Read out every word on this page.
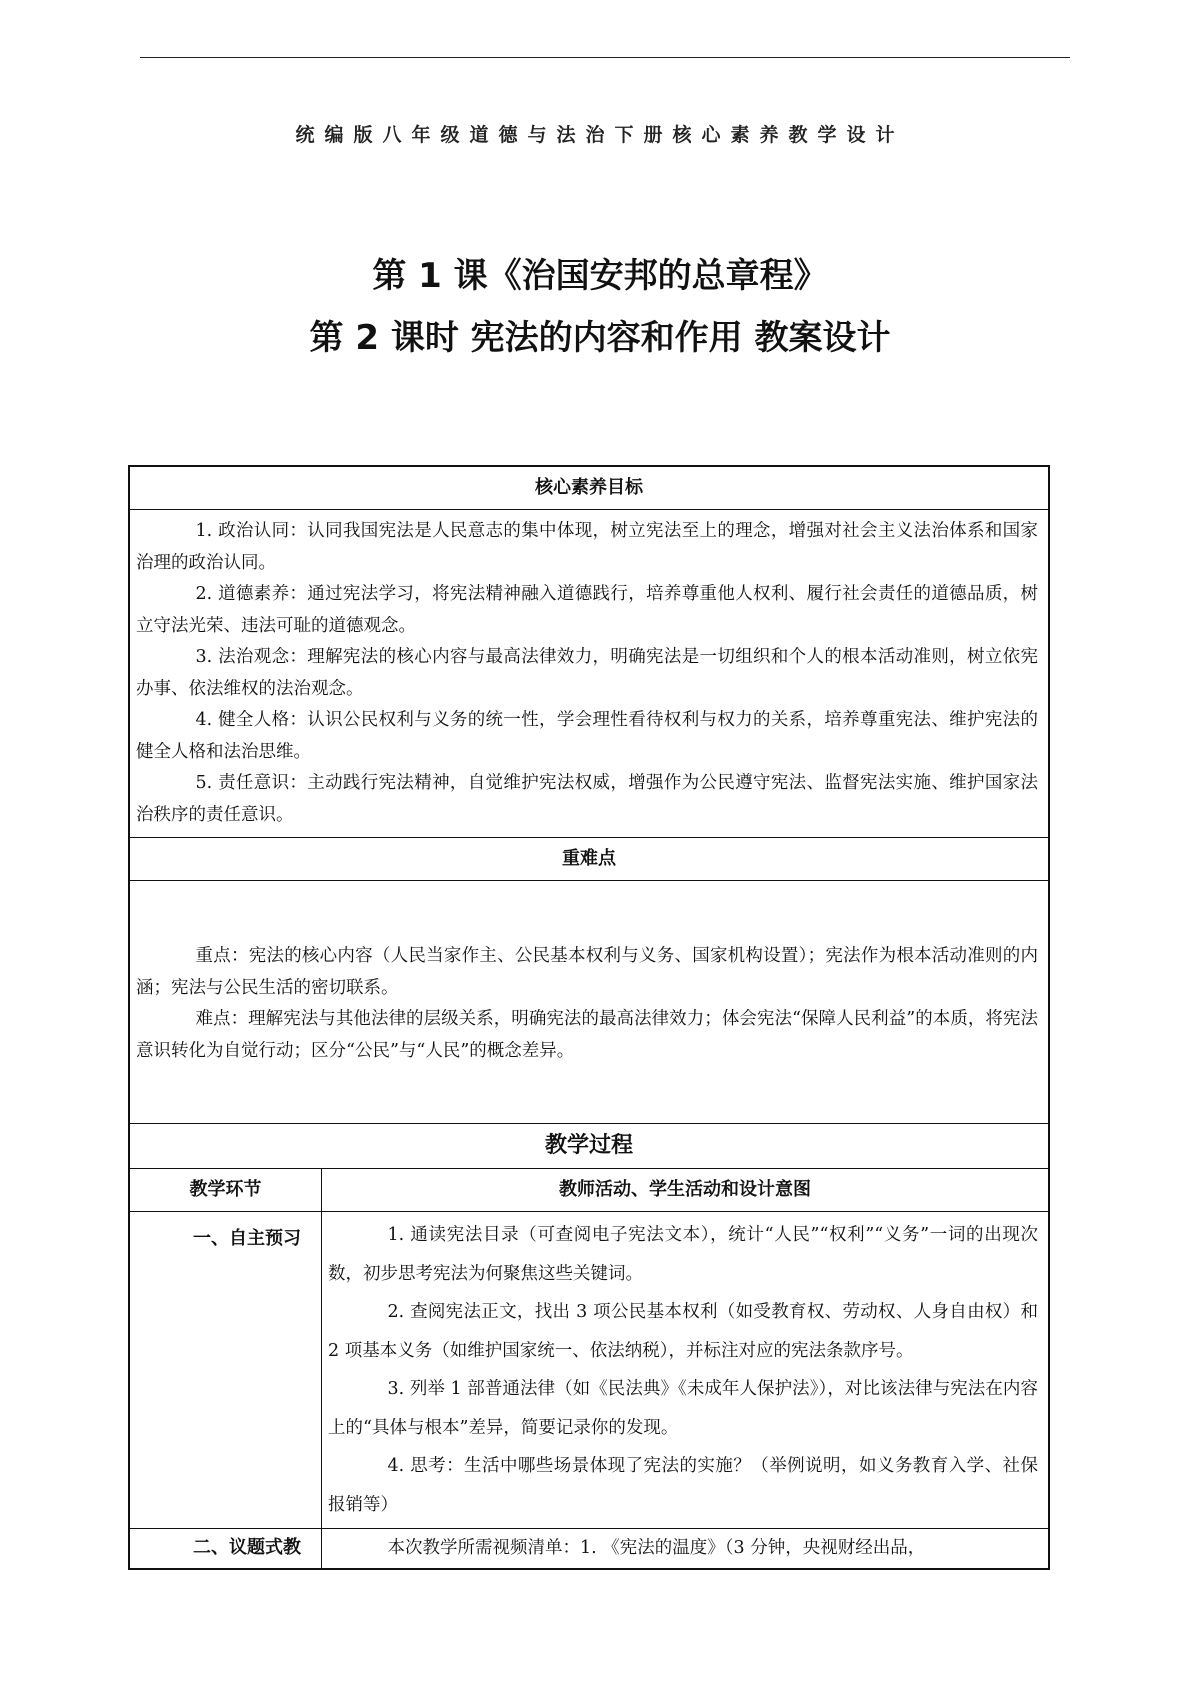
统编版八年级道德与法治下册核心素养教学设计
第 1 课《治国安邦的总章程》
第 2 课时 宪法的内容和作用 教案设计
核心素养目标

1. 政治认同：认同我国宪法是人民意志的集中体现，树立宪法至上的理念，增强对社会主义法治体系和国家治理的政治认同。

2. 道德素养：通过宪法学习，将宪法精神融入道德践行，培养尊重他人权利、履行社会责任的道德品质，树立守法光荣、违法可耻的道德观念。

3. 法治观念：理解宪法的核心内容与最高法律效力，明确宪法是一切组织和个人的根本活动准则，树立依宪办事、依法维权的法治观念。

4. 健全人格：认识公民权利与义务的统一性，学会理性看待权利与权力的关系，培养尊重宪法、维护宪法的健全人格和法治思维。

5. 责任意识：主动践行宪法精神，自觉维护宪法权威，增强作为公民遵守宪法、监督宪法实施、维护国家法治秩序的责任意识。

重难点

重点：宪法的核心内容（人民当家作主、公民基本权利与义务、国家机构设置）；宪法作为根本活动准则的内涵；宪法与公民生活的密切联系。

难点：理解宪法与其他法律的层级关系，明确宪法的最高法律效力；体会宪法“保障人民利益”的本质，将宪法意识转化为自觉行动；区分“公民”与“人民”的概念差异。

教学过程
教学环节	教师活动、学生活动和设计意图
一、自主预习	1. 通读宪法目录（可查阅电子宪法文本），统计“人民”“权利”“义务”一词的出现次数，初步思考宪法为何聚焦这些关键词。

2. 查阅宪法正文，找出 3 项公民基本权利（如受教育权、劳动权、人身自由权）和 2 项基本义务（如维护国家统一、依法纳税），并标注对应的宪法条款序号。

3. 列举 1 部普通法律（如《民法典》《未成年人保护法》），对比该法律与宪法在内容上的“具体与根本”差异，简要记录你的发现。

4. 思考：生活中哪些场景体现了宪法的实施？（举例说明，如义务教育入学、社保报销等）

二、议题式教	本次教学所需视频清单：1. 《宪法的温度》（3 分钟，央视财经出品，
